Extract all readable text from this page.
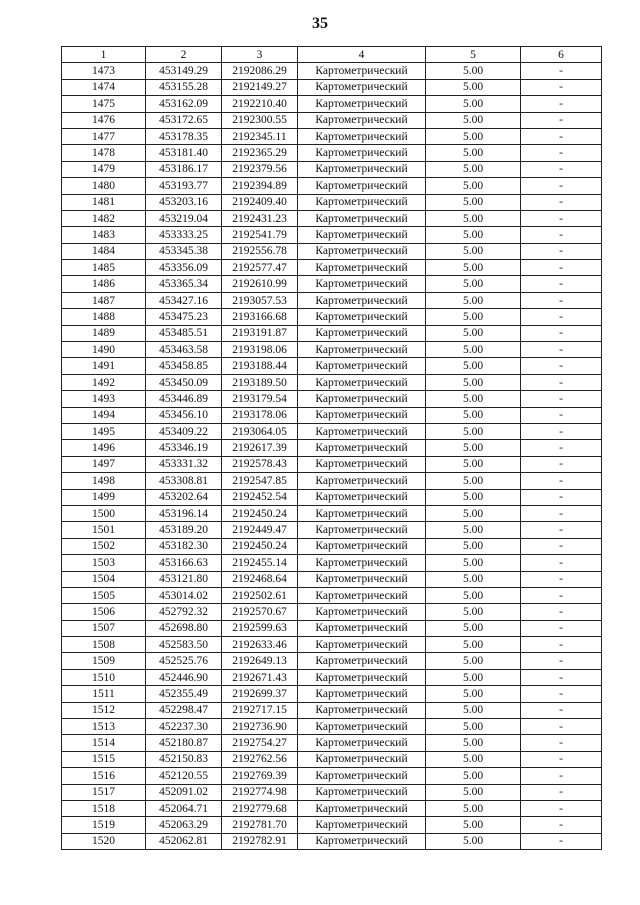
35
1	2	3	4	5	6
1473	453149.29	2192086.29	Картометрический	5.00	-
1474	453155.28	2192149.27	Картометрический	5.00	-
1475	453162.09	2192210.40	Картометрический	5.00	-
1476	453172.65	2192300.55	Картометрический	5.00	-
1477	453178.35	2192345.11	Картометрический	5.00	-
1478	453181.40	2192365.29	Картометрический	5.00	-
1479	453186.17	2192379.56	Картометрический	5.00	-
1480	453193.77	2192394.89	Картометрический	5.00	-
1481	453203.16	2192409.40	Картометрический	5.00	-
1482	453219.04	2192431.23	Картометрический	5.00	-
1483	453333.25	2192541.79	Картометрический	5.00	-
1484	453345.38	2192556.78	Картометрический	5.00	-
1485	453356.09	2192577.47	Картометрический	5.00	-
1486	453365.34	2192610.99	Картометрический	5.00	-
1487	453427.16	2193057.53	Картометрический	5.00	-
1488	453475.23	2193166.68	Картометрический	5.00	-
1489	453485.51	2193191.87	Картометрический	5.00	-
1490	453463.58	2193198.06	Картометрический	5.00	-
1491	453458.85	2193188.44	Картометрический	5.00	-
1492	453450.09	2193189.50	Картометрический	5.00	-
1493	453446.89	2193179.54	Картометрический	5.00	-
1494	453456.10	2193178.06	Картометрический	5.00	-
1495	453409.22	2193064.05	Картометрический	5.00	-
1496	453346.19	2192617.39	Картометрический	5.00	-
1497	453331.32	2192578.43	Картометрический	5.00	-
1498	453308.81	2192547.85	Картометрический	5.00	-
1499	453202.64	2192452.54	Картометрический	5.00	-
1500	453196.14	2192450.24	Картометрический	5.00	-
1501	453189.20	2192449.47	Картометрический	5.00	-
1502	453182.30	2192450.24	Картометрический	5.00	-
1503	453166.63	2192455.14	Картометрический	5.00	-
1504	453121.80	2192468.64	Картометрический	5.00	-
1505	453014.02	2192502.61	Картометрический	5.00	-
1506	452792.32	2192570.67	Картометрический	5.00	-
1507	452698.80	2192599.63	Картометрический	5.00	-
1508	452583.50	2192633.46	Картометрический	5.00	-
1509	452525.76	2192649.13	Картометрический	5.00	-
1510	452446.90	2192671.43	Картометрический	5.00	-
1511	452355.49	2192699.37	Картометрический	5.00	-
1512	452298.47	2192717.15	Картометрический	5.00	-
1513	452237.30	2192736.90	Картометрический	5.00	-
1514	452180.87	2192754.27	Картометрический	5.00	-
1515	452150.83	2192762.56	Картометрический	5.00	-
1516	452120.55	2192769.39	Картометрический	5.00	-
1517	452091.02	2192774.98	Картометрический	5.00	-
1518	452064.71	2192779.68	Картометрический	5.00	-
1519	452063.29	2192781.70	Картометрический	5.00	-
1520	452062.81	2192782.91	Картометрический	5.00	-
